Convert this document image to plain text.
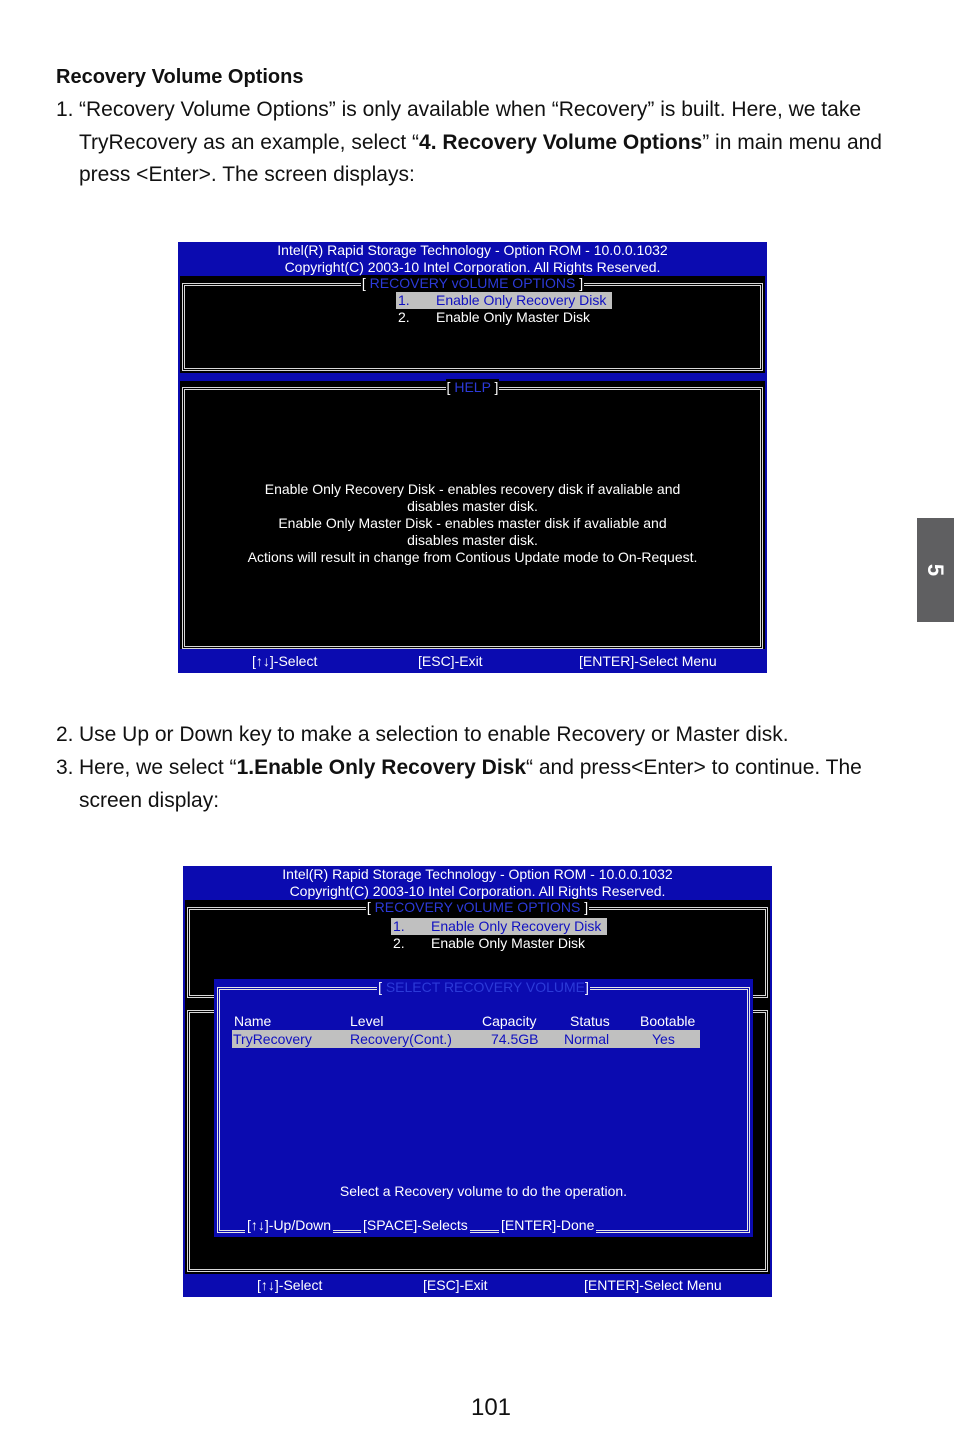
Recovery Volume Options
1. “Recovery Volume Options” is only available when “Recovery” is built. Here, we take TryRecovery as an example, select “4. Recovery Volume Options” in main menu and press <Enter>. The screen displays:
Intel(R) Rapid Storage Technology - Option ROM - 10.0.0.1032
Copyright(C) 2003-10 Intel Corporation. All Rights Reserved.
[ RECOVERY vOLUME OPTIONS ]
1. Enable Only Recovery Disk
2. Enable Only Master Disk
[ HELP ]
Enable Only Recovery Disk - enables recovery disk if avaliable and
disables master disk.
Enable Only Master Disk - enables master disk if avaliable and
disables master disk.
Actions will result in change from Contious Update mode to On-Request.
[↑↓]-Select	[ESC]-Exit	[ENTER]-Select Menu
2. Use Up or Down key to make a selection to enable Recovery or Master disk.
3. Here, we select “1.Enable Only Recovery Disk“ and press<Enter> to continue. The screen display:
Intel(R) Rapid Storage Technology - Option ROM - 10.0.0.1032
Copyright(C) 2003-10 Intel Corporation. All Rights Reserved.
[ RECOVERY vOLUME OPTIONS ]
1. Enable Only Recovery Disk
2. Enable Only Master Disk
[ SELECT RECOVERY VOLUME]
Name	Level	Capacity Status Bootable
TryRecovery	Recovery(Cont.)	74.5GB Normal	Yes
Select a Recovery volume to do the operation.
[↑↓]-Up/Down [SPACE]-Selects [ENTER]-Done
[↑↓]-Select	[ESC]-Exit	[ENTER]-Select Menu
5
101
